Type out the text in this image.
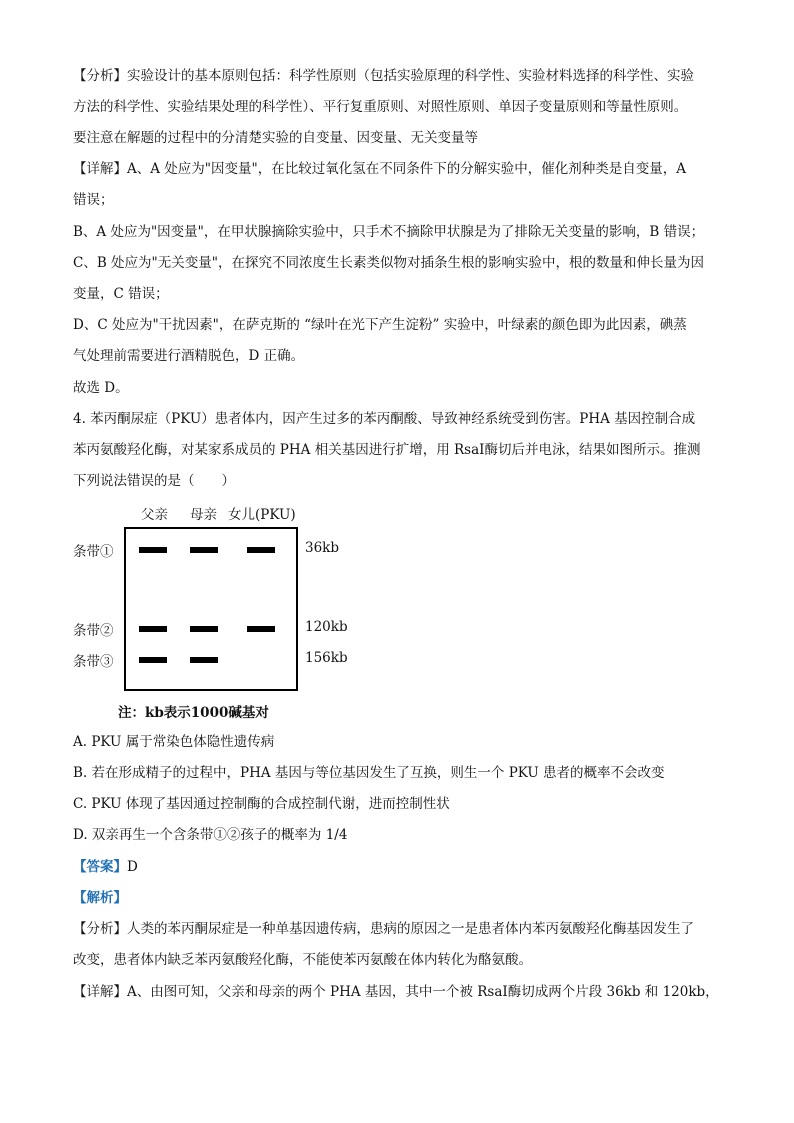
【分析】实验设计的基本原则包括：科学性原则（包括实验原理的科学性、实验材料选择的科学性、实验
方法的科学性、实验结果处理的科学性）、平行复重原则、对照性原则、单因子变量原则和等量性原则。
要注意在解题的过程中的分清楚实验的自变量、因变量、无关变量等
【详解】A、A 处应为"因变量"，在比较过氧化氢在不同条件下的分解实验中，催化剂种类是自变量，A
错误；
B、A 处应为"因变量"，在甲状腺摘除实验中，只手术不摘除甲状腺是为了排除无关变量的影响，B 错误；
C、B 处应为"无关变量"，在探究不同浓度生长素类似物对插条生根的影响实验中，根的数量和伸长量为因
变量，C 错误；
D、C 处应为"干扰因素"，在萨克斯的 “绿叶在光下产生淀粉” 实验中，叶绿素的颜色即为此因素，碘蒸
气处理前需要进行酒精脱色，D 正确。
故选 D。
4. 苯丙酮尿症（PKU）患者体内，因产生过多的苯丙酮酸、导致神经系统受到伤害。PHA 基因控制合成
苯丙氨酸羟化酶，对某家系成员的 PHA 相关基因进行扩增，用 RsaⅠ酶切后并电泳，结果如图所示。推测
下列说法错误的是（　　）
父亲 母亲 女儿(PKU)
条带①
条带②
条带③
36kb
120kb
156kb
注：kb表示1000碱基对
A. PKU 属于常染色体隐性遗传病
B. 若在形成精子的过程中，PHA 基因与等位基因发生了互换，则生一个 PKU 患者的概率不会改变
C. PKU 体现了基因通过控制酶的合成控制代谢，进而控制性状
D. 双亲再生一个含条带①②孩子的概率为 1/4
【答案】D
【解析】
【分析】人类的苯丙酮尿症是一种单基因遗传病，患病的原因之一是患者体内苯丙氨酸羟化酶基因发生了
改变，患者体内缺乏苯丙氨酸羟化酶，不能使苯丙氨酸在体内转化为酪氨酸。
【详解】A、由图可知，父亲和母亲的两个 PHA 基因，其中一个被 RsaⅠ酶切成两个片段 36kb 和 120kb，
